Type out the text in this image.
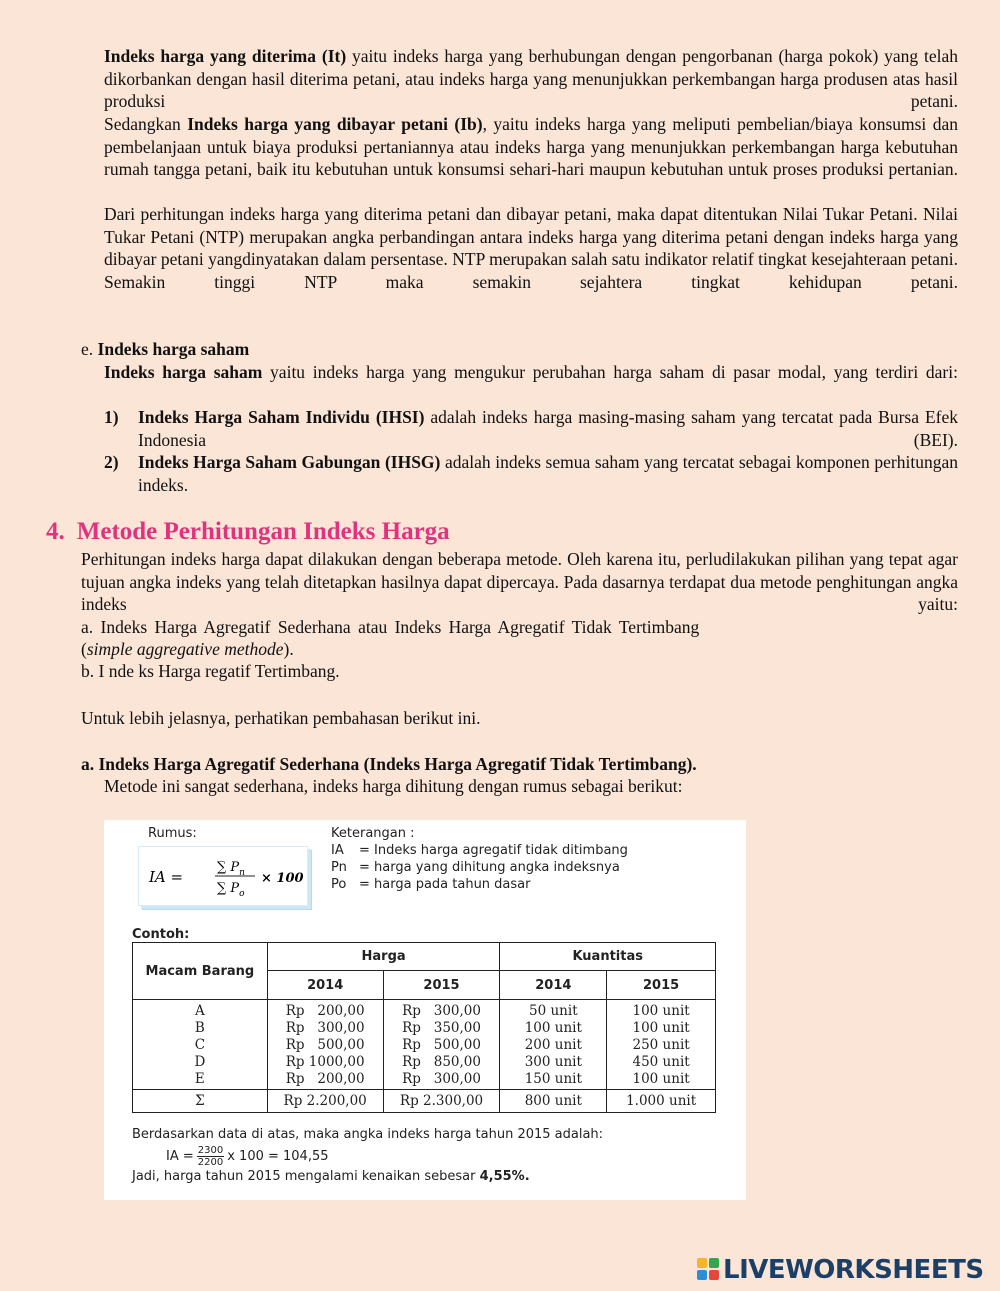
Indeks harga yang diterima (It) yaitu indeks harga yang berhubungan dengan pengorbanan (harga pokok) yang telah dikorbankan dengan hasil diterima petani, atau indeks harga yang menunjukkan perkembangan harga produsen atas hasil produksi petani.
Sedangkan Indeks harga yang dibayar petani (Ib), yaitu indeks harga yang meliputi pembelian/biaya konsumsi dan pembelanjaan untuk biaya produksi pertaniannya atau indeks harga yang menunjukkan perkembangan harga kebutuhan rumah tangga petani, baik itu kebutuhan untuk konsumsi sehari-hari maupun kebutuhan untuk proses produksi pertanian.
Dari perhitungan indeks harga yang diterima petani dan dibayar petani, maka dapat ditentukan Nilai Tukar Petani. Nilai Tukar Petani (NTP) merupakan angka perbandingan antara indeks harga yang diterima petani dengan indeks harga yang dibayar petani yangdinyatakan dalam persentase. NTP merupakan salah satu indikator relatif tingkat kesejahteraan petani. Semakin tinggi NTP maka semakin sejahtera tingkat kehidupan petani.
e. Indeks harga saham
Indeks harga saham yaitu indeks harga yang mengukur perubahan harga saham di pasar modal, yang terdiri dari:
1) Indeks Harga Saham Individu (IHSI) adalah indeks harga masing-masing saham yang tercatat pada Bursa Efek Indonesia (BEI).
2) Indeks Harga Saham Gabungan (IHSG) adalah indeks semua saham yang tercatat sebagai komponen perhitungan indeks.
4. Metode Perhitungan Indeks Harga
Perhitungan indeks harga dapat dilakukan dengan beberapa metode. Oleh karena itu, perludilakukan pilihan yang tepat agar tujuan angka indeks yang telah ditetapkan hasilnya dapat dipercaya. Pada dasarnya terdapat dua metode penghitungan angka indeks yaitu:
a. Indeks Harga Agregatif Sederhana atau Indeks Harga Agregatif Tidak Tertimbang
(simple aggregative methode).
b. I nde ks Harga regatif Tertimbang.
Untuk lebih jelasnya, perhatikan pembahasan berikut ini.
a. Indeks Harga Agregatif Sederhana (Indeks Harga Agregatif Tidak Tertimbang).
Metode ini sangat sederhana, indeks harga dihitung dengan rumus sebagai berikut:
Rumus:
IA =
∑ $P_n$
∑ $P_o$
× 100
Keterangan :
IA = Indeks harga agregatif tidak ditimbang
Pn = harga yang dihitung angka indeksnya
Po = harga pada tahun dasar
Contoh:
Macam Barang	Harga		Kuantitas	
	2014	2015	2014	2015
A	Rp   200,00	Rp   300,00	50 unit	100 unit
B	Rp   300,00	Rp   350,00	100 unit	100 unit
C	Rp   500,00	Rp   500,00	200 unit	250 unit
D	Rp 1000,00	Rp   850,00	300 unit	450 unit
E	Rp   200,00	Rp   300,00	150 unit	100 unit
Σ	Rp 2.200,00	Rp 2.300,00	800 unit	1.000 unit
Berdasarkan data di atas, maka angka indeks harga tahun 2015 adalah:
IA = $\frac{2300}{2200}$ x 100 = 104,55
Jadi, harga tahun 2015 mengalami kenaikan sebesar 4,55%.
LIVEWORKSHEETS
